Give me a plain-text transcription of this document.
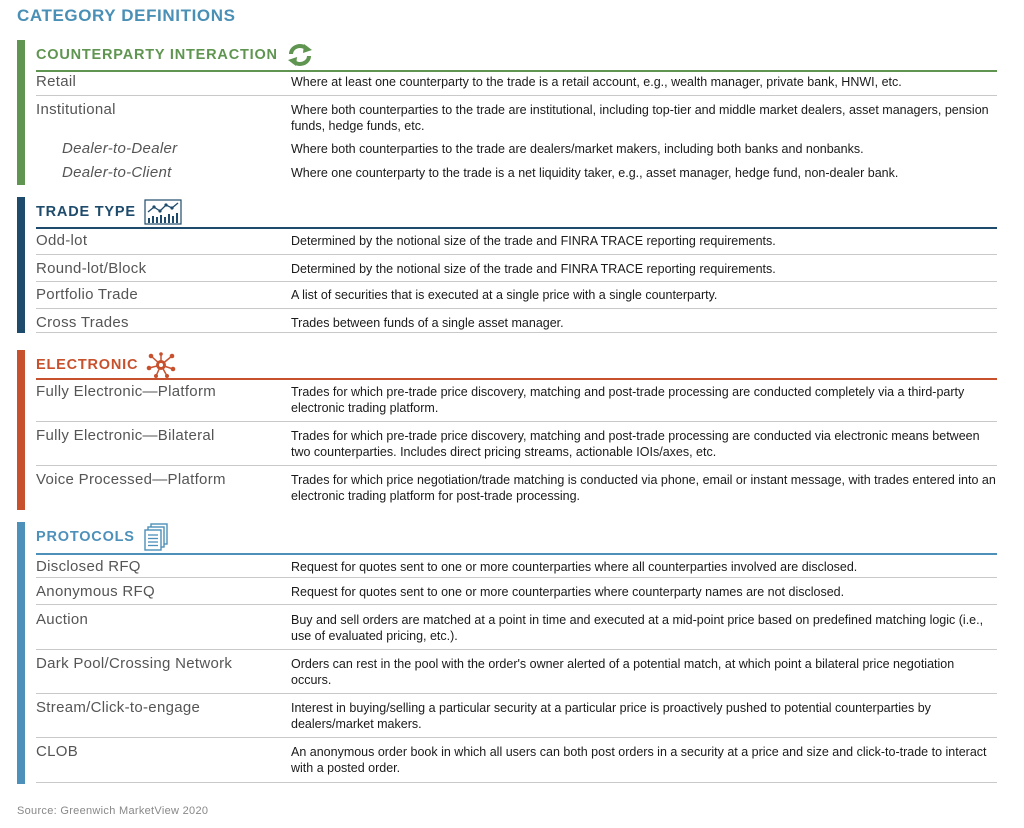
CATEGORY DEFINITIONS
COUNTERPARTY INTERACTION
Retail	Where at least one counterparty to the trade is a retail account, e.g., wealth manager, private bank, HNWI, etc.
Institutional	Where both counterparties to the trade are institutional, including top-tier and middle market dealers, asset managers, pension funds, hedge funds, etc.
Dealer-to-Dealer	Where both counterparties to the trade are dealers/market makers, including both banks and nonbanks.
Dealer-to-Client	Where one counterparty to the trade is a net liquidity taker, e.g., asset manager, hedge fund, non-dealer bank.
TRADE TYPE
Odd-lot	Determined by the notional size of the trade and FINRA TRACE reporting requirements.
Round-lot/Block	Determined by the notional size of the trade and FINRA TRACE reporting requirements.
Portfolio Trade	A list of securities that is executed at a single price with a single counterparty.
Cross Trades	Trades between funds of a single asset manager.
ELECTRONIC
Fully Electronic—Platform	Trades for which pre-trade price discovery, matching and post-trade processing are conducted completely via a third-party electronic trading platform.
Fully Electronic—Bilateral	Trades for which pre-trade price discovery, matching and post-trade processing are conducted via electronic means between two counterparties. Includes direct pricing streams, actionable IOIs/axes, etc.
Voice Processed—Platform	Trades for which price negotiation/trade matching is conducted via phone, email or instant message, with trades entered into an electronic trading platform for post-trade processing.
PROTOCOLS
Disclosed RFQ	Request for quotes sent to one or more counterparties where all counterparties involved are disclosed.
Anonymous RFQ	Request for quotes sent to one or more counterparties where counterparty names are not disclosed.
Auction	Buy and sell orders are matched at a point in time and executed at a mid-point price based on predefined matching logic (i.e., use of evaluated pricing, etc.).
Dark Pool/Crossing Network	Orders can rest in the pool with the order's owner alerted of a potential match, at which point a bilateral price negotiation occurs.
Stream/Click-to-engage	Interest in buying/selling a particular security at a particular price is proactively pushed to potential counterparties by dealers/market makers.
CLOB	An anonymous order book in which all users can both post orders in a security at a price and size and click-to-trade to interact with a posted order.
Source: Greenwich MarketView 2020
